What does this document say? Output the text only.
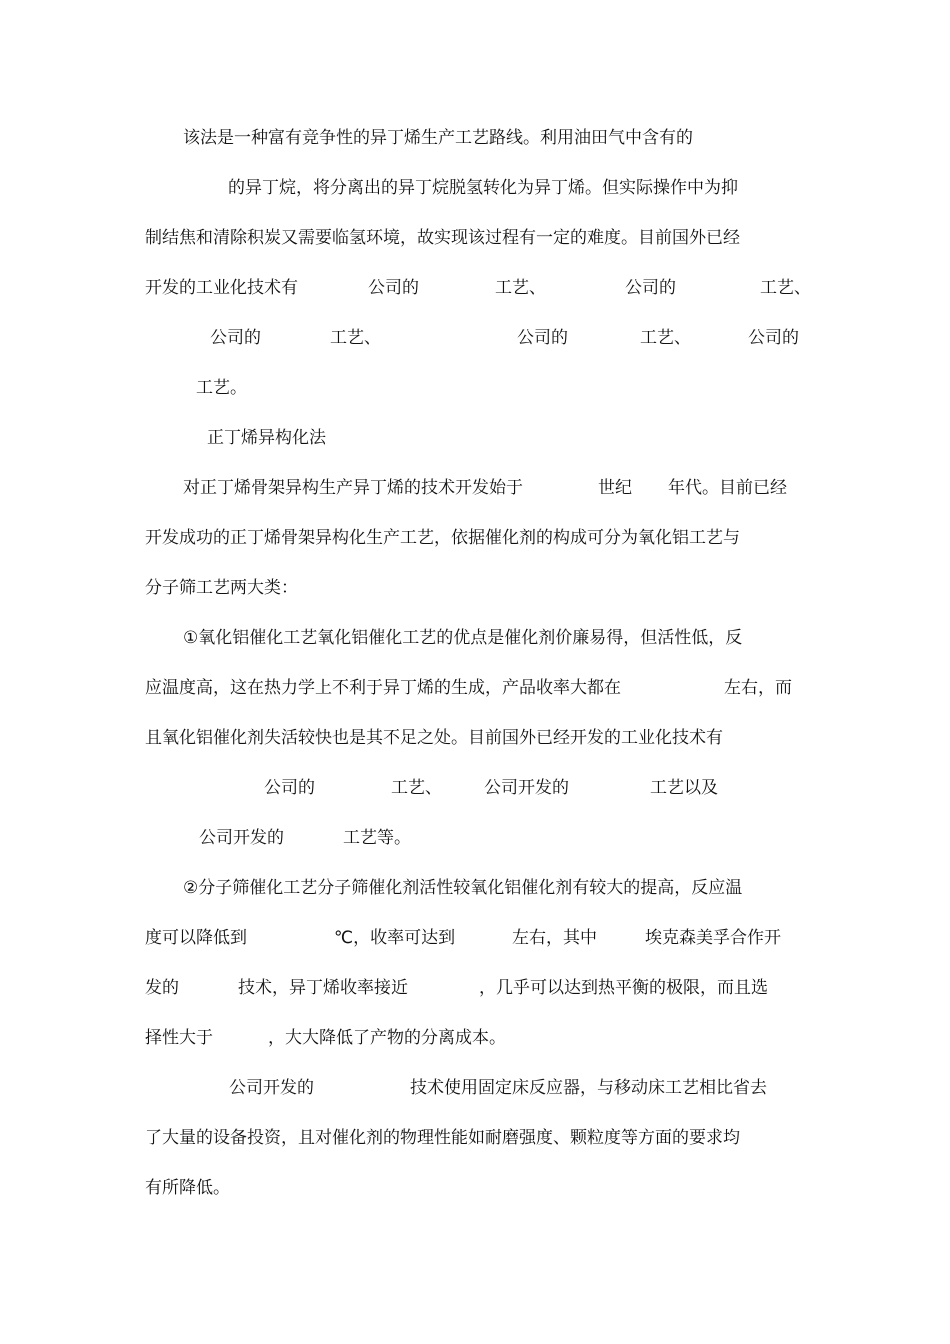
该法是一种富有竞争性的异丁烯生产工艺路线。利用油田气中含有的
的异丁烷，将分离出的异丁烷脱氢转化为异丁烯。但实际操作中为抑
制结焦和清除积炭又需要临氢环境，故实现该过程有一定的难度。目前国外已经
开发的工业化技术有	公司的	工艺、	公司的	工艺、
公司的	工艺、	公司的	工艺、	公司的
工艺。
正丁烯异构化法
对正丁烯骨架异构生产异丁烯的技术开发始于	世纪 年代。目前已经
开发成功的正丁烯骨架异构化生产工艺，依据催化剂的构成可分为氧化铝工艺与
分子筛工艺两大类：
①氧化铝催化工艺氧化铝催化工艺的优点是催化剂价廉易得，但活性低，反
应温度高，这在热力学上不利于异丁烯的生成，产品收率大都在	左右，而
且氧化铝催化剂失活较快也是其不足之处。目前国外已经开发的工业化技术有
公司的	工艺、 公司开发的	工艺以及
公司开发的	工艺等。
②分子筛催化工艺分子筛催化剂活性较氧化铝催化剂有较大的提高，反应温
度可以降低到	℃，收率可达到	左右，其中	埃克森美孚合作开
发的	技术，异丁烯收率接近	，几乎可以达到热平衡的极限，而且选
择性大于	，大大降低了产物的分离成本。
公司开发的	技术使用固定床反应器，与移动床工艺相比省去
了大量的设备投资，且对催化剂的物理性能如耐磨强度、颗粒度等方面的要求均
有所降低。
